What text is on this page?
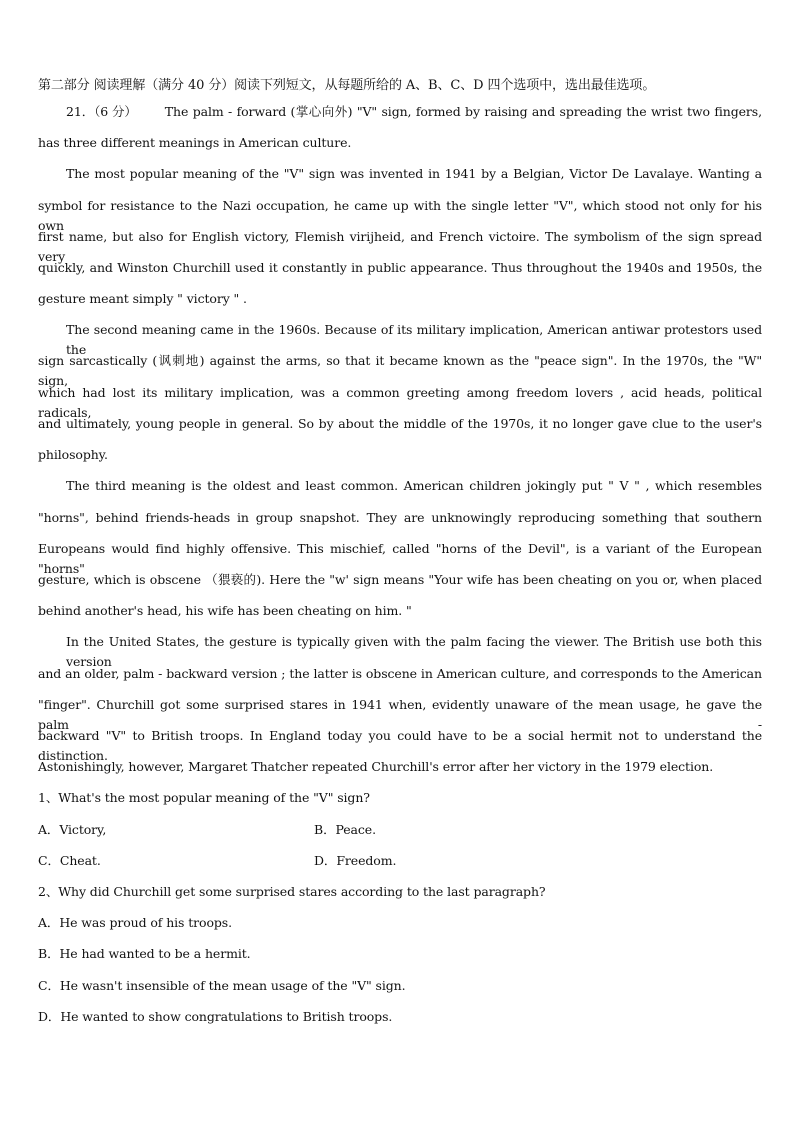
第二部分 阅读理解（满分 40 分）阅读下列短文，从每题所给的 A、B、C、D 四个选项中，选出最佳选项。
21．（6 分） The palm - forward (掌心向外) "V" sign, formed by raising and spreading the wrist two fingers,
has three different meanings in American culture.
The most popular meaning of the "V" sign was invented in 1941 by a Belgian, Victor De Lavalaye. Wanting a
symbol for resistance to the Nazi occupation, he came up with the single letter "V", which stood not only for his own
first name, but also for English victory, Flemish virijheid, and French victoire. The symbolism of the sign spread very
quickly, and Winston Churchill used it constantly in public appearance. Thus throughout the 1940s and 1950s, the
gesture meant simply " victory " .
The second meaning came in the 1960s. Because of its military implication, American antiwar protestors used the
sign sarcastically (讽刺地) against the arms, so that it became known as the "peace sign". In the 1970s, the "W" sign,
which had lost its military implication, was a common greeting among freedom lovers , acid heads, political radicals,
and ultimately, young people in general. So by about the middle of the 1970s, it no longer gave clue to the user's
philosophy.
The third meaning is the oldest and least common. American children jokingly put " V " , which resembles
"horns", behind friends-heads in group snapshot. They are unknowingly reproducing something that southern
Europeans would find highly offensive. This mischief, called "horns of the Devil", is a variant of the European "horns"
gesture, which is obscene （猥亵的). Here the "w' sign means "Your wife has been cheating on you or, when placed
behind another's head, his wife has been cheating on him. "
In the United States, the gesture is typically given with the palm facing the viewer. The British use both this version
and an older, palm - backward version ; the latter is obscene in American culture, and corresponds to the American
"finger". Churchill got some surprised stares in 1941 when, evidently unaware of the mean usage, he gave the palm -
backward "V" to British troops. In England today you could have to be a social hermit not to understand the distinction.
Astonishingly, however, Margaret Thatcher repeated Churchill's error after her victory in the 1979 election.
1、What's the most popular meaning of the "V" sign?
A．Victory,	B．Peace.
C．Cheat.	D．Freedom.
2、Why did Churchill get some surprised stares according to the last paragraph?
A．He was proud of his troops.
B．He had wanted to be a hermit.
C．He wasn't insensible of the mean usage of the "V" sign.
D．He wanted to show congratulations to British troops.
